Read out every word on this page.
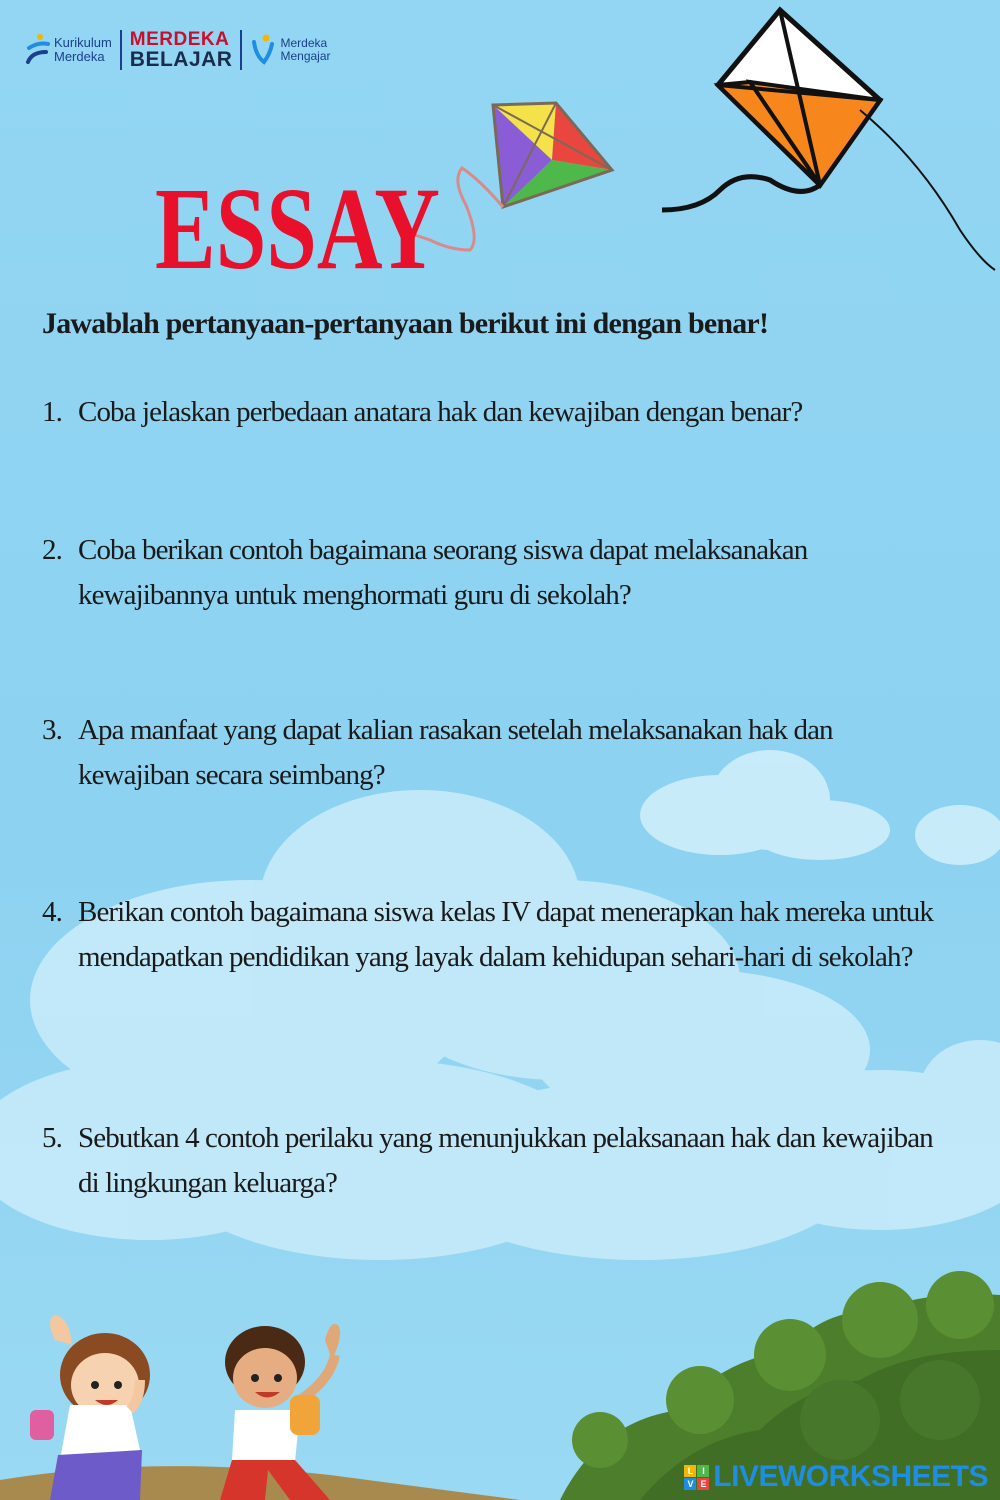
Kurikulum
Merdeka
MERDEKA
BELAJAR
Merdeka
Mengajar
ESSAY
Jawablah pertanyaan-pertanyaan berikut ini dengan benar!
1. Coba jelaskan perbedaan anatara hak dan kewajiban dengan benar?
2. Coba berikan contoh bagaimana seorang siswa dapat melaksanakan kewajibannya untuk menghormati guru di sekolah?
3. Apa manfaat yang dapat kalian rasakan setelah melaksanakan hak dan kewajiban secara seimbang?
4. Berikan contoh bagaimana siswa kelas IV dapat menerapkan hak mereka untuk mendapatkan pendidikan yang layak dalam kehidupan sehari-hari di sekolah?
5. Sebutkan 4 contoh perilaku yang menunjukkan pelaksanaan hak dan kewajiban di lingkungan keluarga?
L	I
V E LIVEWORKSHEETS
